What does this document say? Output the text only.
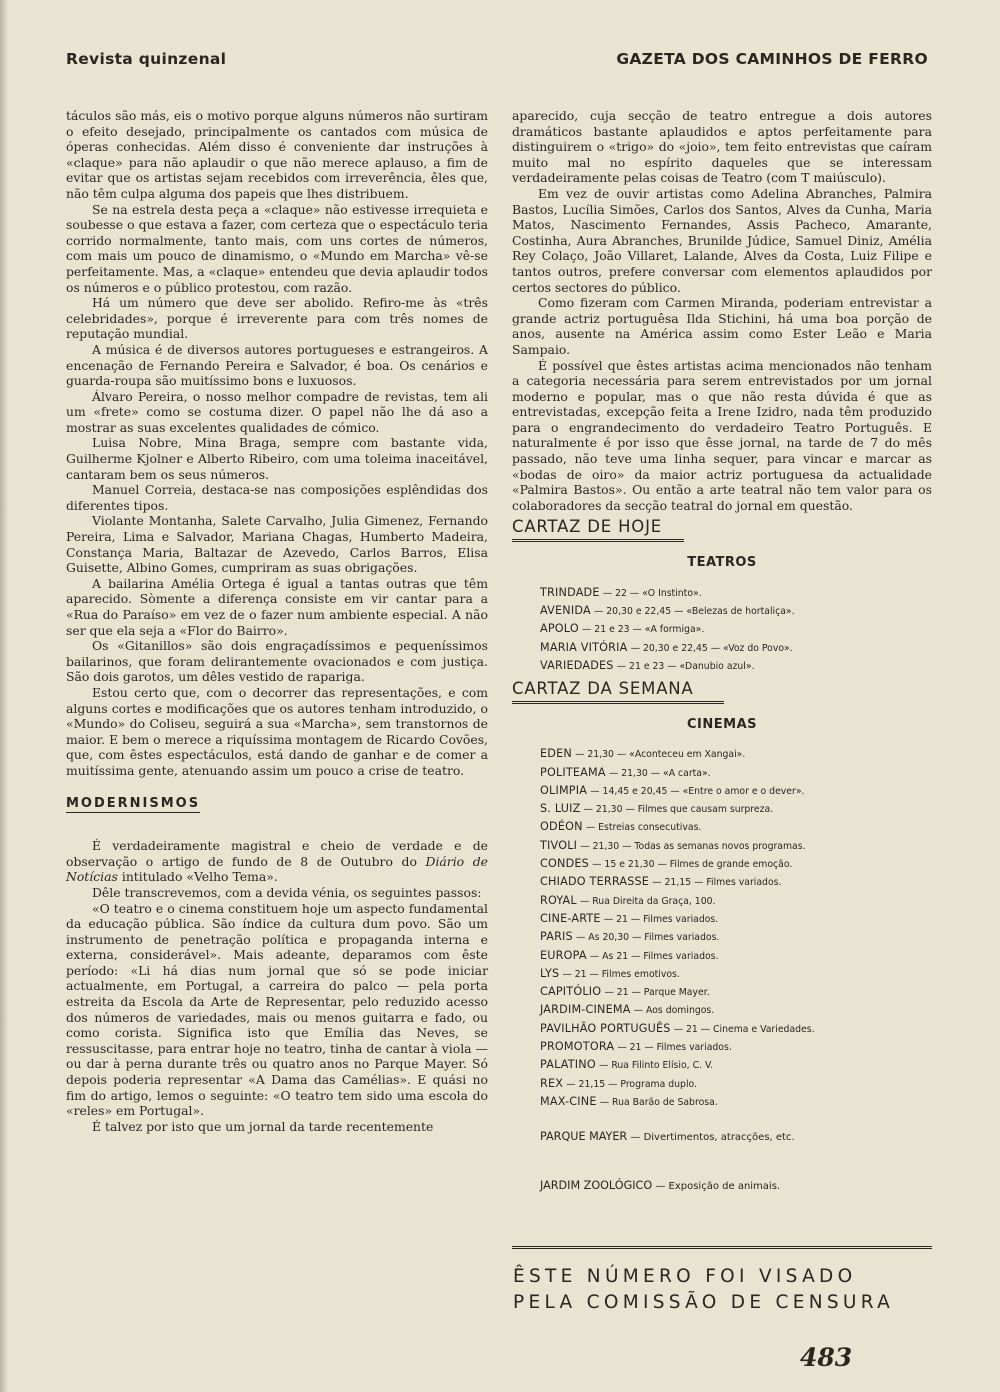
Revista quinzenal	GAZETA DOS CAMINHOS DE FERRO

táculos são más, eis o motivo porque alguns números não surtiram o efeito desejado, principalmente os cantados com música de óperas conhecidas. Além disso é conveniente dar instruções à «claque» para não aplaudir o que não merece aplauso, a fim de evitar que os artistas sejam recebidos com irreverência, êles que, não têm culpa alguma dos papeis que lhes distribuem.

Se na estrela desta peça a «claque» não estivesse irrequieta e soubesse o que estava a fazer, com certeza que o espectáculo teria corrido normalmente, tanto mais, com uns cortes de números, com mais um pouco de dinamismo, o «Mundo em Marcha» vê-se perfeitamente. Mas, a «claque» entendeu que devia aplaudir todos os números e o público protestou, com razão.

Há um número que deve ser abolido. Refiro-me às «três celebridades», porque é irreverente para com três nomes de reputação mundial.

A música é de diversos autores portugueses e estrangeiros. A encenação de Fernando Pereira e Salvador, é boa. Os cenários e guarda-roupa são muitíssimo bons e luxuosos.

Álvaro Pereira, o nosso melhor compadre de revistas, tem ali um «frete» como se costuma dizer. O papel não lhe dá aso a mostrar as suas excelentes qualidades de cómico.

Luisa Nobre, Mina Braga, sempre com bastante vida, Guilherme Kjolner e Alberto Ribeiro, com uma toleima inaceitável, cantaram bem os seus números.

Manuel Correia, destaca-se nas composições esplêndidas dos diferentes tipos.

Violante Montanha, Salete Carvalho, Julia Gimenez, Fernando Pereira, Lima e Salvador, Mariana Chagas, Humberto Madeira, Constança Maria, Baltazar de Azevedo, Carlos Barros, Elisa Guisette, Albino Gomes, cumpriram as suas obrigações.

A bailarina Amélia Ortega é igual a tantas outras que têm aparecido. Sòmente a diferença consiste em vir cantar para a «Rua do Paraíso» em vez de o fazer num ambiente especial. A não ser que ela seja a «Flor do Bairro».

Os «Gitanillos» são dois engraçadíssimos e pequeníssimos bailarinos, que foram delirantemente ovacionados e com justiça. São dois garotos, um dêles vestido de rapariga.

Estou certo que, com o decorrer das representações, e com alguns cortes e modificações que os autores tenham introduzido, o «Mundo» do Coliseu, seguirá a sua «Marcha», sem transtornos de maior. E bem o merece a riquíssima montagem de Ricardo Covões, que, com êstes espectáculos, está dando de ganhar e de comer a muitíssima gente, atenuando assim um pouco a crise de teatro.

MODERNISMOS

É verdadeiramente magistral e cheio de verdade e de observação o artigo de fundo de 8 de Outubro do Diário de Notícias intitulado «Velho Tema».

Dêle transcrevemos, com a devida vénia, os seguintes passos:

«O teatro e o cinema constituem hoje um aspecto fundamental da educação pública. São índice da cultura dum povo. São um instrumento de penetração política e propaganda interna e externa, considerável». Mais adeante, deparamos com êste período: «Li há dias num jornal que só se pode iniciar actualmente, em Portugal, a carreira do palco — pela porta estreita da Escola da Arte de Representar, pelo reduzido acesso dos números de variedades, mais ou menos guitarra e fado, ou como corista. Significa isto que Emília das Neves, se ressuscitasse, para entrar hoje no teatro, tinha de cantar à viola — ou dar à perna durante três ou quatro anos no Parque Mayer. Só depois poderia representar «A Dama das Camélias». E quási no fim do artigo, lemos o seguinte: «O teatro tem sido uma escola do «reles» em Portugal».

É talvez por isto que um jornal da tarde recentemente

aparecido, cuja secção de teatro entregue a dois autores dramáticos bastante aplaudidos e aptos perfeitamente para distinguirem o «trigo» do «joio», tem feito entrevistas que caíram muito mal no espírito daqueles que se interessam verdadeiramente pelas coisas de Teatro (com T maiúsculo).

Em vez de ouvir artistas como Adelina Abranches, Palmira Bastos, Lucília Simões, Carlos dos Santos, Alves da Cunha, Maria Matos, Nascimento Fernandes, Assis Pacheco, Amarante, Costinha, Aura Abranches, Brunilde Júdice, Samuel Diniz, Amélia Rey Colaço, João Villaret, Lalande, Alves da Costa, Luiz Filipe e tantos outros, prefere conversar com elementos aplaudidos por certos sectores do público.

Como fizeram com Carmen Miranda, poderiam entrevistar a grande actriz portuguêsa Ilda Stichini, há uma boa porção de anos, ausente na América assim como Ester Leão e Maria Sampaio.

É possível que êstes artistas acima mencionados não tenham a categoria necessária para serem entrevistados por um jornal moderno e popular, mas o que não resta dúvida é que as entrevistadas, excepção feita a Irene Izidro, nada têm produzido para o engrandecimento do verdadeiro Teatro Português. E naturalmente é por isso que êsse jornal, na tarde de 7 do mês passado, não teve uma linha sequer, para vincar e marcar as «bodas de oiro» da maior actriz portuguesa da actualidade «Palmira Bastos». Ou então a arte teatral não tem valor para os colaboradores da secção teatral do jornal em questão.

CARTAZ DE HOJE
TEATROS
TRINDADE — 22 — «O Instinto».
AVENIDA — 20,30 e 22,45 — «Belezas de hortaliça».
APOLO — 21 e 23 — «A formiga».
MARIA VITÓRIA — 20,30 e 22,45 — «Voz do Povo».
VARIEDADES — 21 e 23 — «Danubio azul».
CARTAZ DA SEMANA
CINEMAS
EDEN — 21,30 — «Aconteceu em Xangai».
POLITEAMA — 21,30 — «A carta».
OLIMPIA — 14,45 e 20,45 — «Entre o amor e o dever».
S. LUIZ — 21,30 — Filmes que causam surpreza.
ODÉON — Estreias consecutivas.
TIVOLI — 21,30 — Todas as semanas novos programas.
CONDES — 15 e 21,30 — Filmes de grande emoção.
CHIADO TERRASSE — 21,15 — Filmes variados.
ROYAL — Rua Direita da Graça, 100.
CINE-ARTE — 21 — Filmes variados.
PARIS — As 20,30 — Filmes variados.
EUROPA — As 21 — Filmes variados.
LYS — 21 — Filmes emotivos.
CAPITÓLIO — 21 — Parque Mayer.
JARDIM-CINEMA — Aos domingos.
PAVILHÃO PORTUGUÊS — 21 — Cinema e Variedades.
PROMOTORA — 21 — Filmes variados.
PALATINO — Rua Filinto Elísio, C. V.
REX — 21,15 — Programa duplo.
MAX-CINE — Rua Barão de Sabrosa.
PARQUE MAYER — Divertimentos, atracções, etc.
JARDIM ZOOLÓGICO — Exposição de animais.
ÊSTE NÚMERO FOI VISADO
PELA COMISSÃO DE CENSURA
483
